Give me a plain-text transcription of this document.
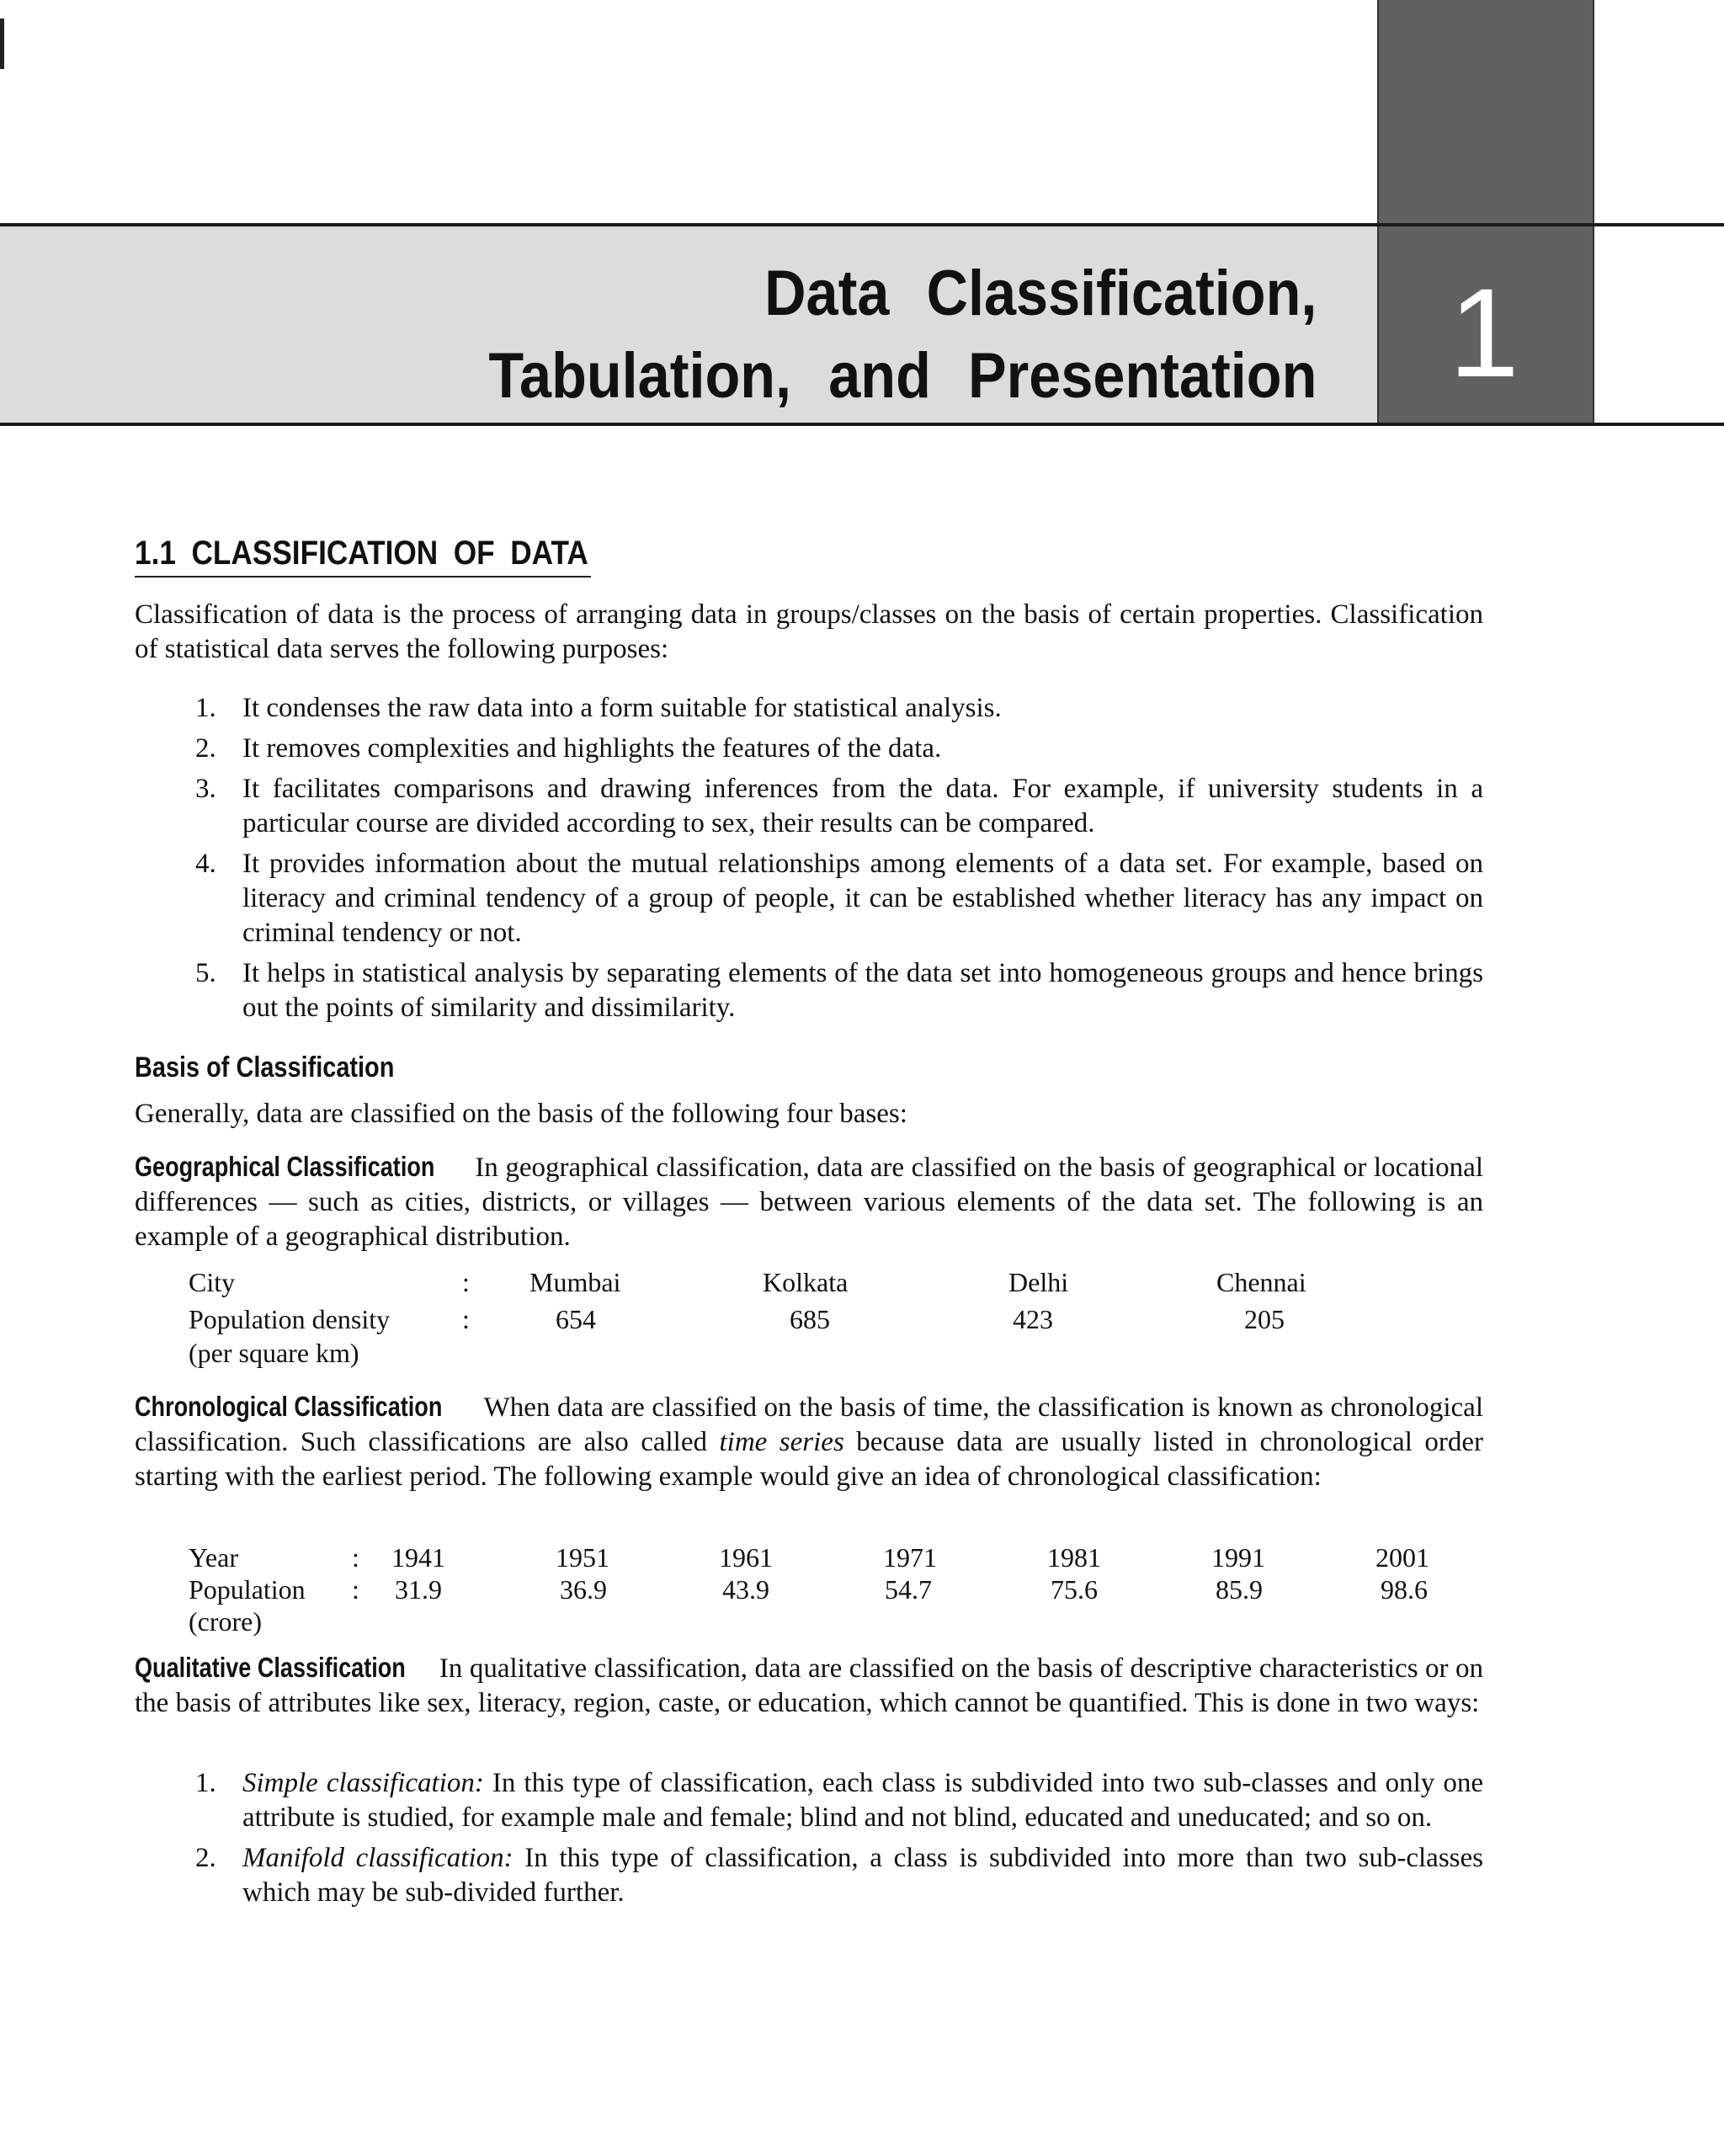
Data Classification,
Tabulation, and Presentation	1
1.1 CLASSIFICATION OF DATA
Classification of data is the process of arranging data in groups/classes on the basis of certain properties. Classification of statistical data serves the following purposes:
1. It condenses the raw data into a form suitable for statistical analysis.
2. It removes complexities and highlights the features of the data.
3. It facilitates comparisons and drawing inferences from the data. For example, if university students in a particular course are divided according to sex, their results can be compared.
4. It provides information about the mutual relationships among elements of a data set. For example, based on literacy and criminal tendency of a group of people, it can be established whether literacy has any impact on criminal tendency or not.
5. It helps in statistical analysis by separating elements of the data set into homogeneous groups and hence brings out the points of similarity and dissimilarity.
Basis of Classification
Generally, data are classified on the basis of the following four bases:
Geographical Classification In geographical classification, data are classified on the basis of geographical or locational differences — such as cities, districts, or villages — between various elements of the data set. The following is an example of a geographical distribution.
City	: Mumbai	Kolkata	Delhi	Chennai
Population density	:	654	685	423	205
(per square km)
Chronological Classification When data are classified on the basis of time, the classification is known as chronological classification. Such classifications are also called time series because data are usually listed in chronological order starting with the earliest period. The following example would give an idea of chronological classification:
Year	: 1941	1951	1961	1971	1981	1991	2001
Population : 31.9	36.9	43.9	54.7	75.6	85.9	98.6
(crore)
Qualitative Classification In qualitative classification, data are classified on the basis of descriptive characteristics or on the basis of attributes like sex, literacy, region, caste, or education, which cannot be quantified. This is done in two ways:
1. Simple classification: In this type of classification, each class is subdivided into two sub-classes and only one attribute is studied, for example male and female; blind and not blind, educated and uneducated; and so on.
2. Manifold classification: In this type of classification, a class is subdivided into more than two sub-classes which may be sub-divided further.
